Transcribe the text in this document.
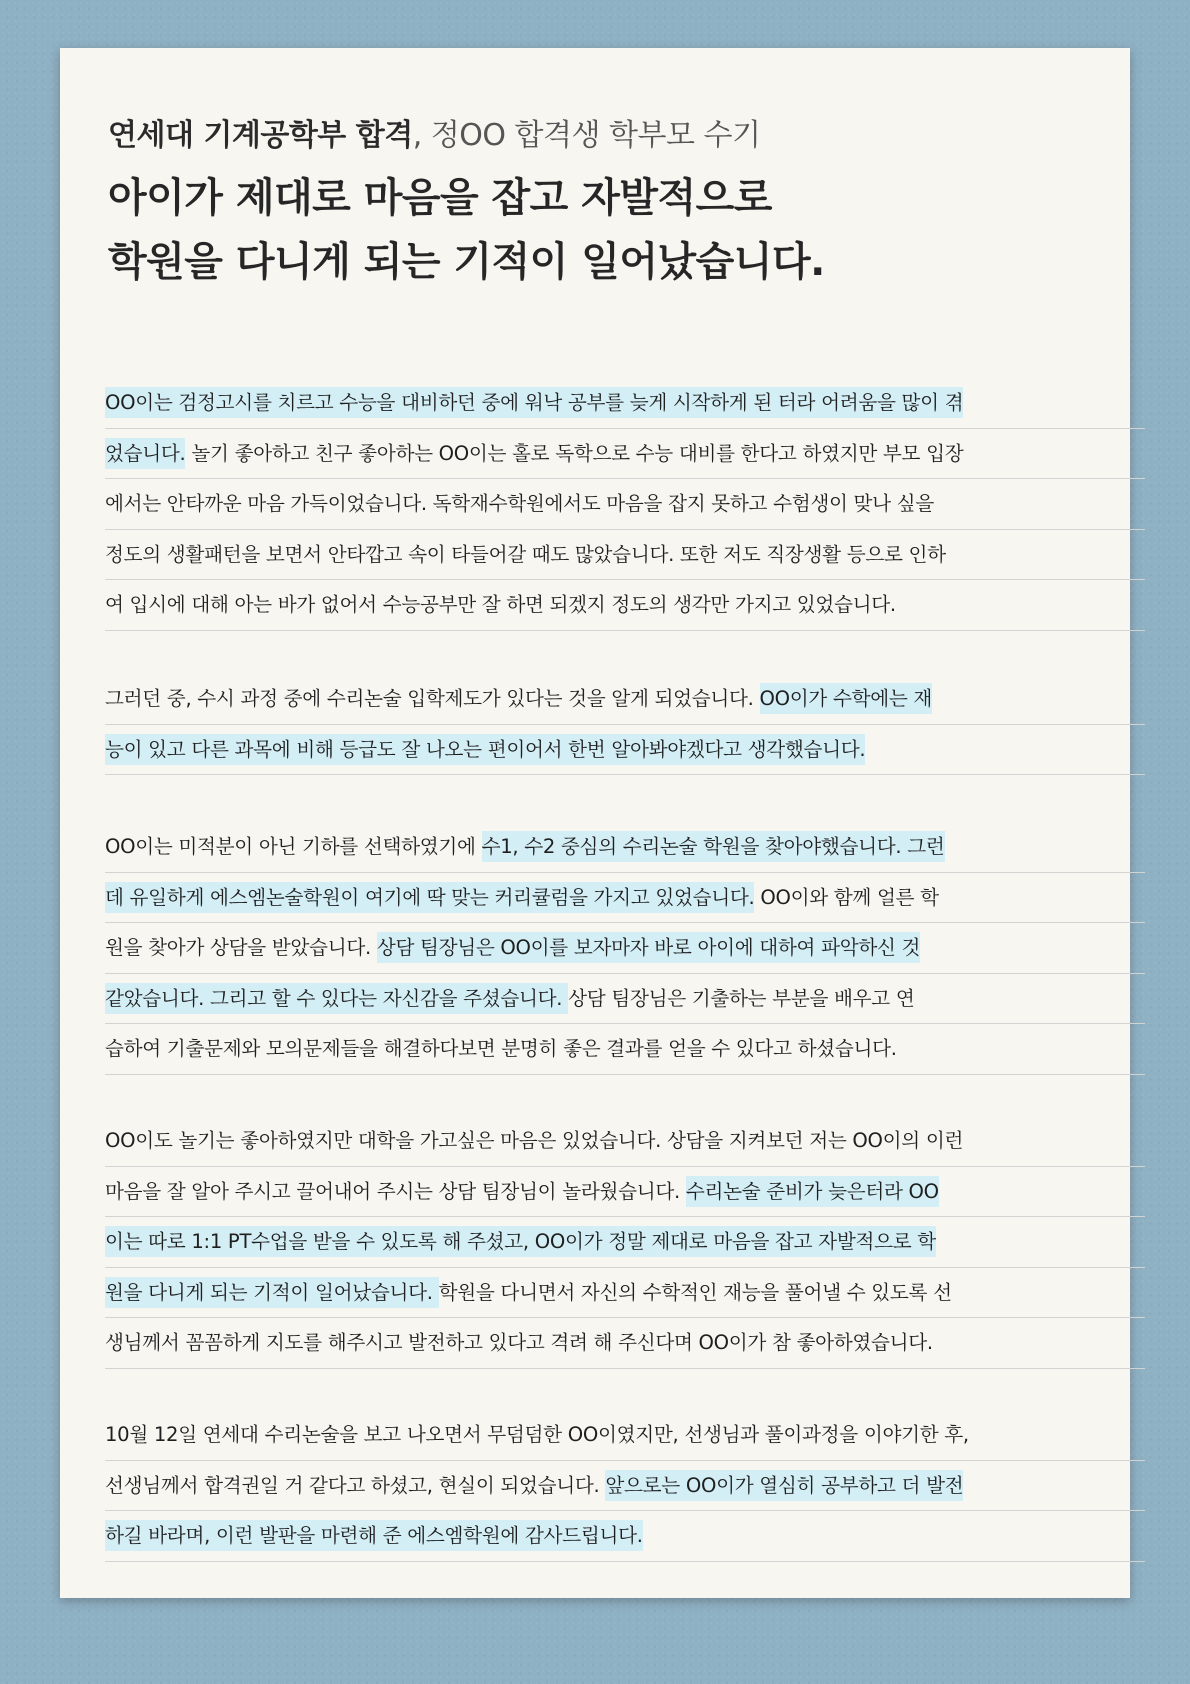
연세대 기계공학부 합격, 정OO 합격생 학부모 수기
아이가 제대로 마음을 잡고 자발적으로
학원을 다니게 되는 기적이 일어났습니다.
OO이는 검정고시를 치르고 수능을 대비하던 중에 워낙 공부를 늦게 시작하게 된 터라 어려움을 많이 겪
었습니다. 놀기 좋아하고 친구 좋아하는 OO이는 홀로 독학으로 수능 대비를 한다고 하였지만 부모 입장
에서는 안타까운 마음 가득이었습니다. 독학재수학원에서도 마음을 잡지 못하고 수험생이 맞나 싶을
정도의 생활패턴을 보면서 안타깝고 속이 타들어갈 때도 많았습니다. 또한 저도 직장생활 등으로 인하
여 입시에 대해 아는 바가 없어서 수능공부만 잘 하면 되겠지 정도의 생각만 가지고 있었습니다.
그러던 중, 수시 과정 중에 수리논술 입학제도가 있다는 것을 알게 되었습니다. OO이가 수학에는 재
능이 있고 다른 과목에 비해 등급도 잘 나오는 편이어서 한번 알아봐야겠다고 생각했습니다.
OO이는 미적분이 아닌 기하를 선택하였기에 수1, 수2 중심의 수리논술 학원을 찾아야했습니다. 그런
데 유일하게 에스엠논술학원이 여기에 딱 맞는 커리큘럼을 가지고 있었습니다. OO이와 함께 얼른 학
원을 찾아가 상담을 받았습니다. 상담 팀장님은 OO이를 보자마자 바로 아이에 대하여 파악하신 것
같았습니다. 그리고 할 수 있다는 자신감을 주셨습니다. 상담 팀장님은 기출하는 부분을 배우고 연
습하여 기출문제와 모의문제들을 해결하다보면 분명히 좋은 결과를 얻을 수 있다고 하셨습니다.
OO이도 놀기는 좋아하였지만 대학을 가고싶은 마음은 있었습니다. 상담을 지켜보던 저는 OO이의 이런
마음을 잘 알아 주시고 끌어내어 주시는 상담 팀장님이 놀라웠습니다. 수리논술 준비가 늦은터라 OO
이는 따로 1:1 PT수업을 받을 수 있도록 해 주셨고, OO이가 정말 제대로 마음을 잡고 자발적으로 학
원을 다니게 되는 기적이 일어났습니다. 학원을 다니면서 자신의 수학적인 재능을 풀어낼 수 있도록 선
생님께서 꼼꼼하게 지도를 해주시고 발전하고 있다고 격려 해 주신다며 OO이가 참 좋아하였습니다.
10월 12일 연세대 수리논술을 보고 나오면서 무덤덤한 OO이였지만, 선생님과 풀이과정을 이야기한 후,
선생님께서 합격권일 거 같다고 하셨고, 현실이 되었습니다. 앞으로는 OO이가 열심히 공부하고 더 발전
하길 바라며, 이런 발판을 마련해 준 에스엠학원에 감사드립니다.
